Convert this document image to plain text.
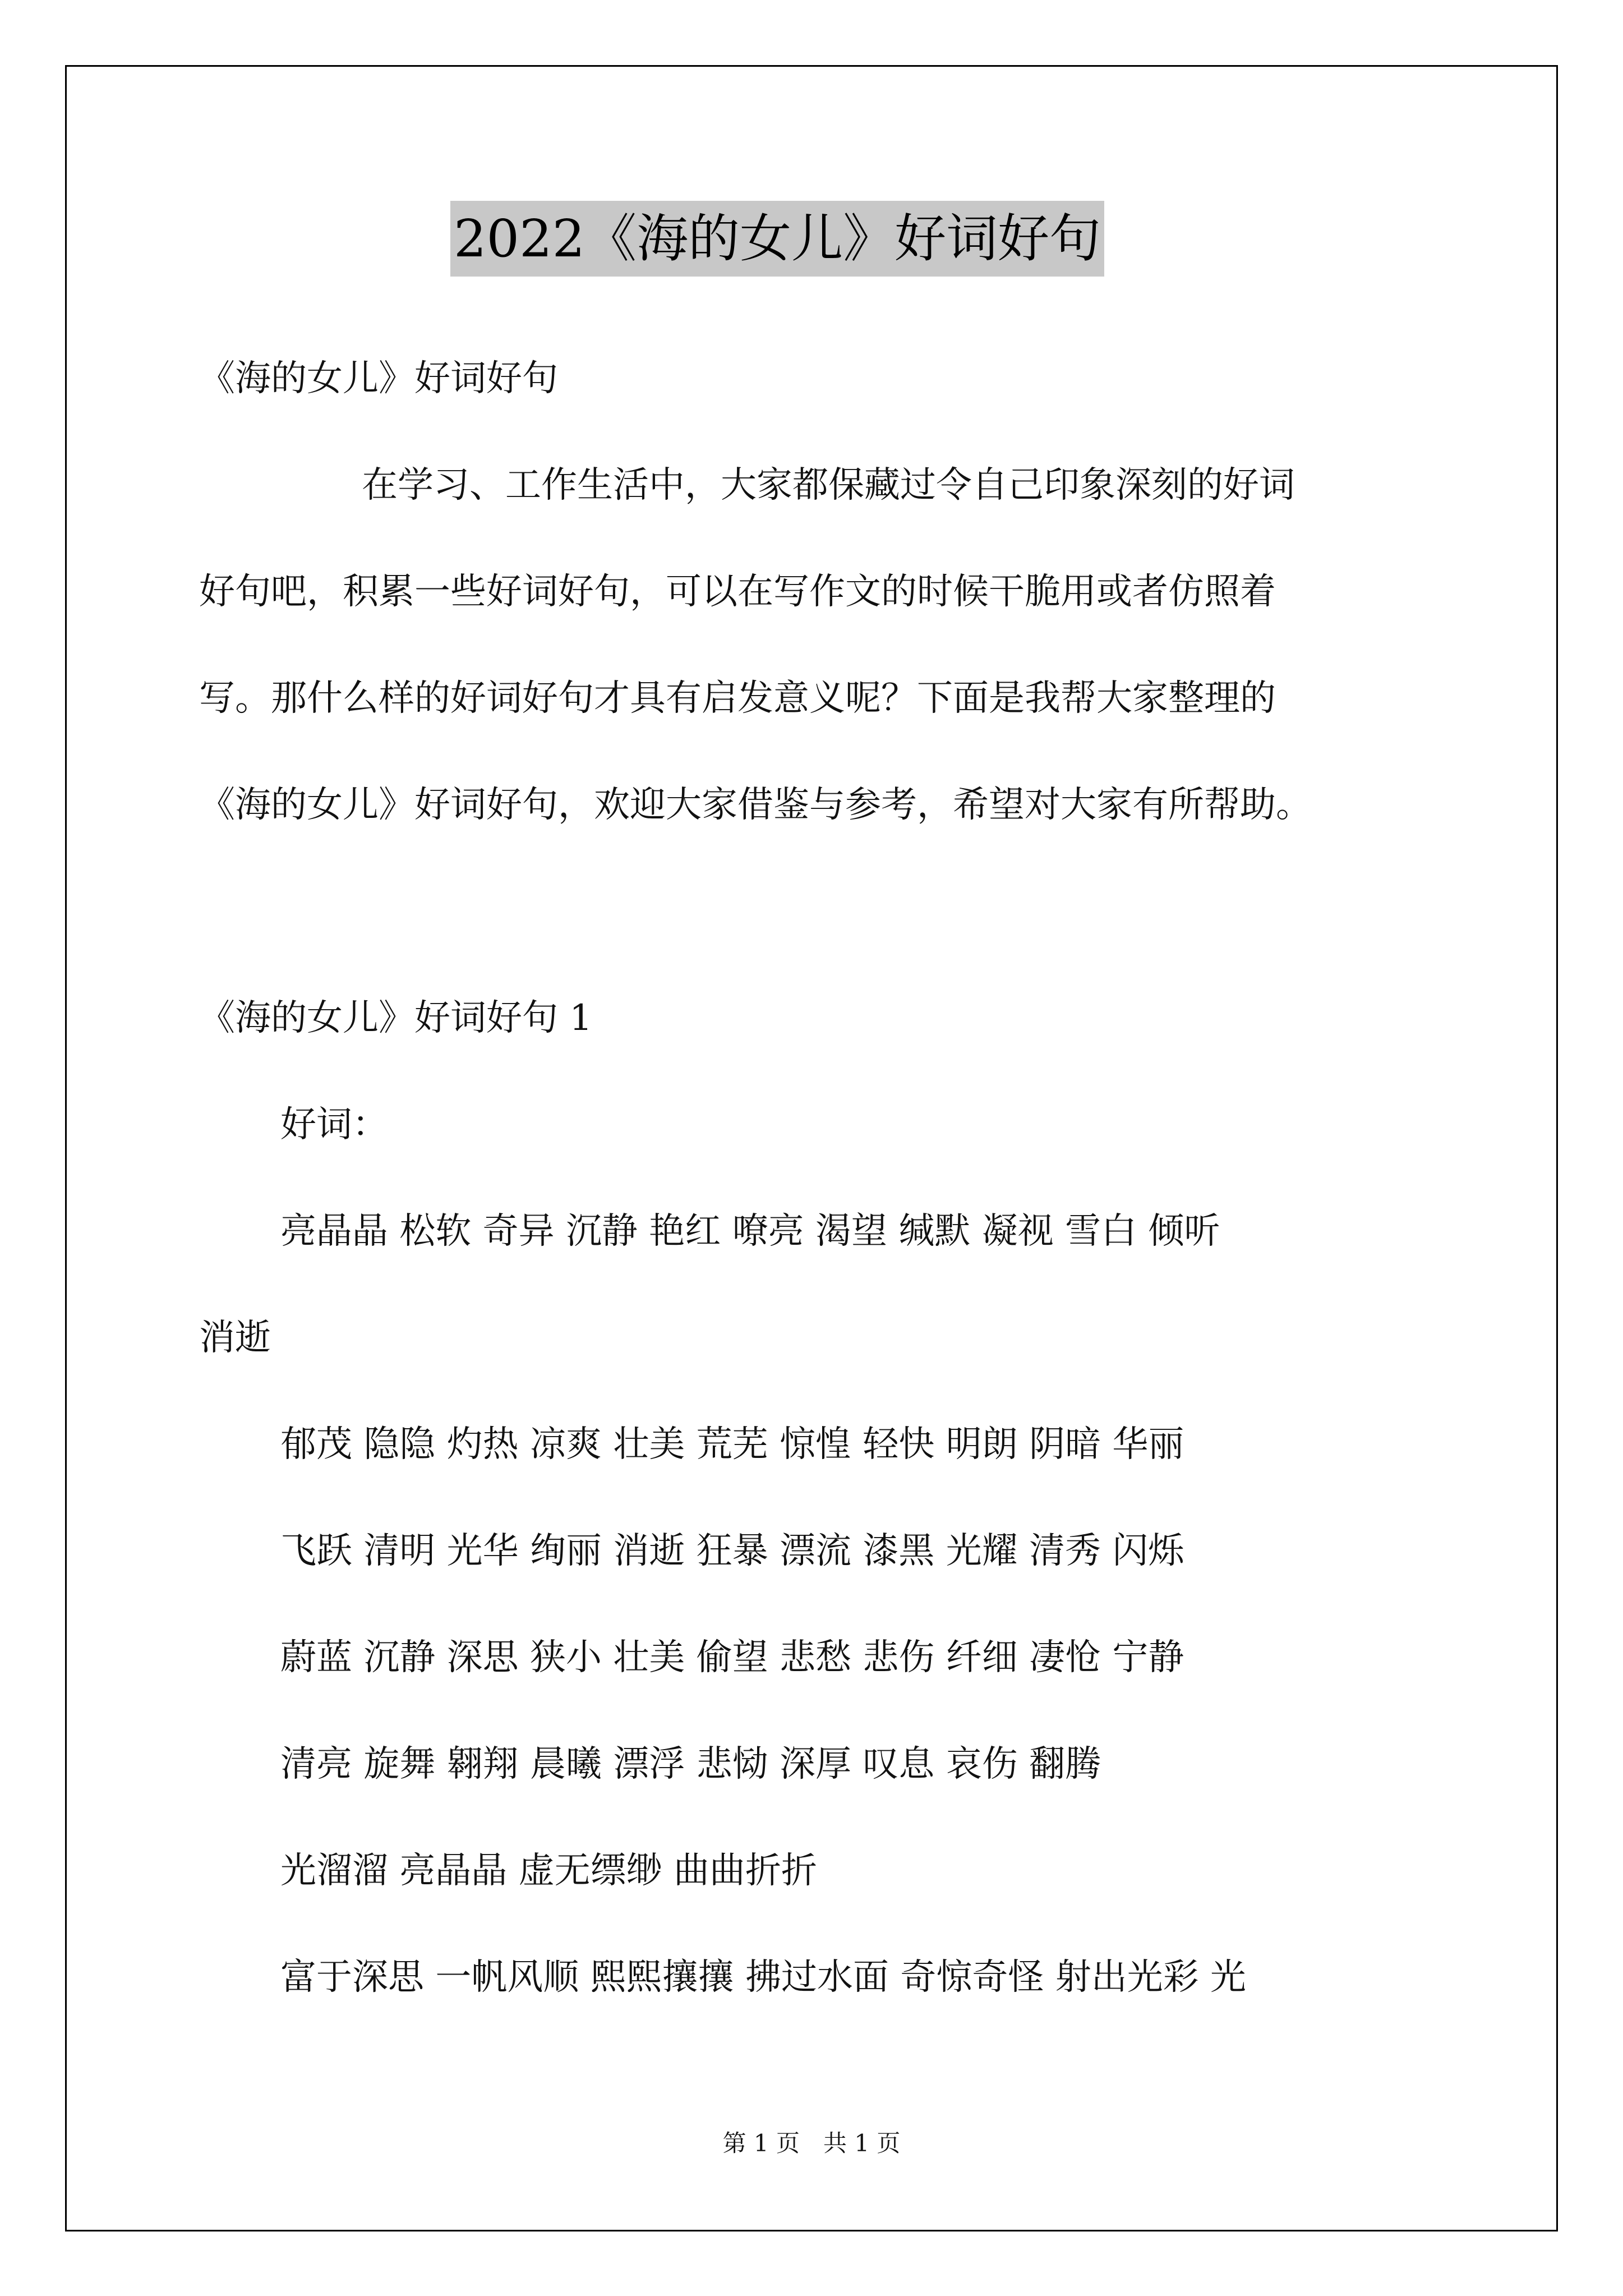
2022《海的女儿》好词好句
《海的女儿》好词好句
在学习、工作生活中，大家都保藏过令自己印象深刻的好词
好句吧，积累一些好词好句，可以在写作文的时候干脆用或者仿照着
写。那什么样的好词好句才具有启发意义呢？下面是我帮大家整理的
《海的女儿》好词好句，欢迎大家借鉴与参考，希望对大家有所帮助。
《海的女儿》好词好句 1
好词：
亮晶晶 松软 奇异 沉静 艳红 嘹亮 渴望 缄默 凝视 雪白 倾听
消逝
郁茂 隐隐 灼热 凉爽 壮美 荒芜 惊惶 轻快 明朗 阴暗 华丽
飞跃 清明 光华 绚丽 消逝 狂暴 漂流 漆黑 光耀 清秀 闪烁
蔚蓝 沉静 深思 狭小 壮美 偷望 悲愁 悲伤 纤细 凄怆 宁静
清亮 旋舞 翱翔 晨曦 漂浮 悲恸 深厚 叹息 哀伤 翻腾
光溜溜 亮晶晶 虚无缥缈 曲曲折折
富于深思 一帆风顺 熙熙攘攘 拂过水面 奇惊奇怪 射出光彩 光
第 1 页　共 1 页
